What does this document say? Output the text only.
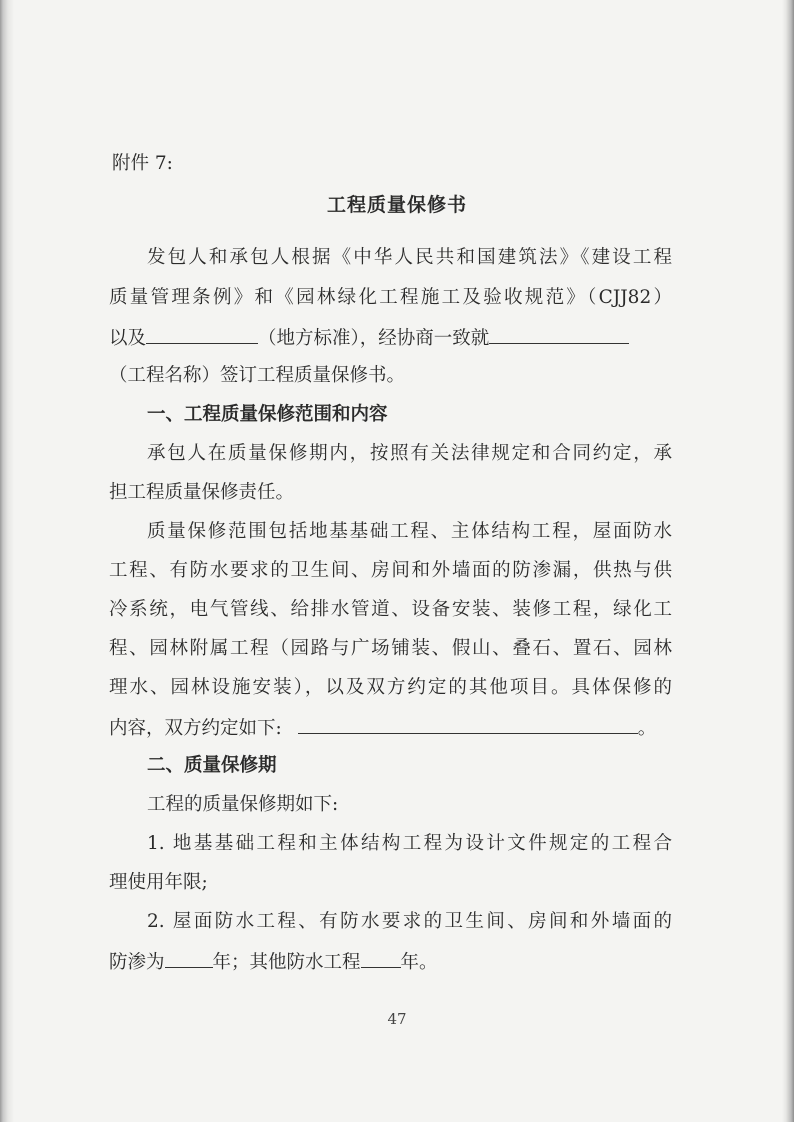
附件 7:
工程质量保修书
发包人和承包人根据《中华人民共和国建筑法》《建设工程
质量管理条例》和《园林绿化工程施工及验收规范》（CJJ82）
以及	（地方标准），经协商一致就
（工程名称）签订工程质量保修书。
一、工程质量保修范围和内容
承包人在质量保修期内，按照有关法律规定和合同约定，承
担工程质量保修责任。
质量保修范围包括地基基础工程、主体结构工程，屋面防水
工程、有防水要求的卫生间、房间和外墙面的防渗漏，供热与供
冷系统，电气管线、给排水管道、设备安装、装修工程，绿化工
程、园林附属工程（园路与广场铺装、假山、叠石、置石、园林
理水、园林设施安装），以及双方约定的其他项目。具体保修的
内容，双方约定如下:	。
二、质量保修期
工程的质量保修期如下:
1. 地基基础工程和主体结构工程为设计文件规定的工程合
理使用年限;
2. 屋面防水工程、有防水要求的卫生间、房间和外墙面的
防渗为	年；其他防水工程 年。
47
